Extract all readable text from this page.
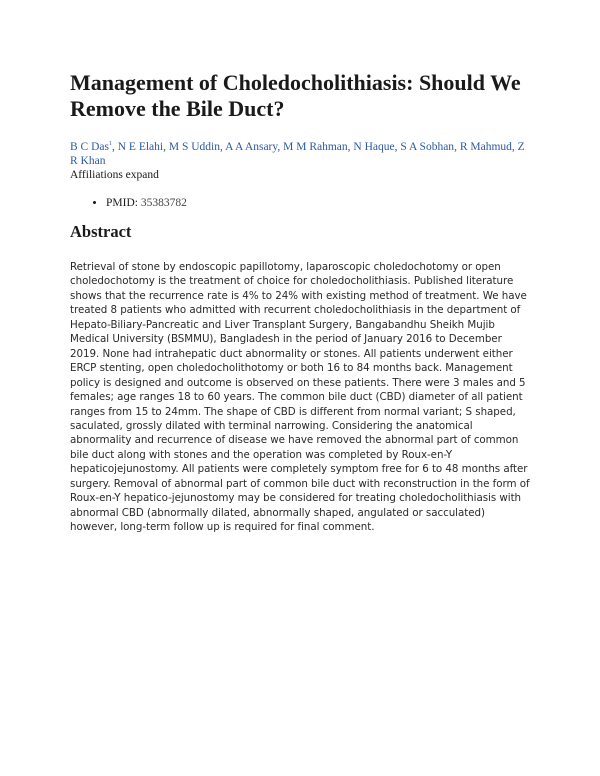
Management of Choledocholithiasis: Should We Remove the Bile Duct?
B C Das$^1$, N E Elahi, M S Uddin, A A Ansary, M M Rahman, N Haque, S A Sobhan, R Mahmud, Z R Khan
Affiliations expand
• PMID: 35383782
Abstract
Retrieval of stone by endoscopic papillotomy, laparoscopic choledochotomy or open choledochotomy is the treatment of choice for choledocholithiasis. Published literature shows that the recurrence rate is 4% to 24% with existing method of treatment. We have treated 8 patients who admitted with recurrent choledocholithiasis in the department of Hepato-Biliary-Pancreatic and Liver Transplant Surgery, Bangabandhu Sheikh Mujib Medical University (BSMMU), Bangladesh in the period of January 2016 to December 2019. None had intrahepatic duct abnormality or stones. All patients underwent either ERCP stenting, open choledocholithotomy or both 16 to 84 months back. Management policy is designed and outcome is observed on these patients. There were 3 males and 5 females; age ranges 18 to 60 years. The common bile duct (CBD) diameter of all patient ranges from 15 to 24mm. The shape of CBD is different from normal variant; S shaped, saculated, grossly dilated with terminal narrowing. Considering the anatomical abnormality and recurrence of disease we have removed the abnormal part of common bile duct along with stones and the operation was completed by Roux-en-Y hepaticojejunostomy. All patients were completely symptom free for 6 to 48 months after surgery. Removal of abnormal part of common bile duct with reconstruction in the form of Roux-en-Y hepatico-jejunostomy may be considered for treating choledocholithiasis with abnormal CBD (abnormally dilated, abnormally shaped, angulated or sacculated) however, long-term follow up is required for final comment.
